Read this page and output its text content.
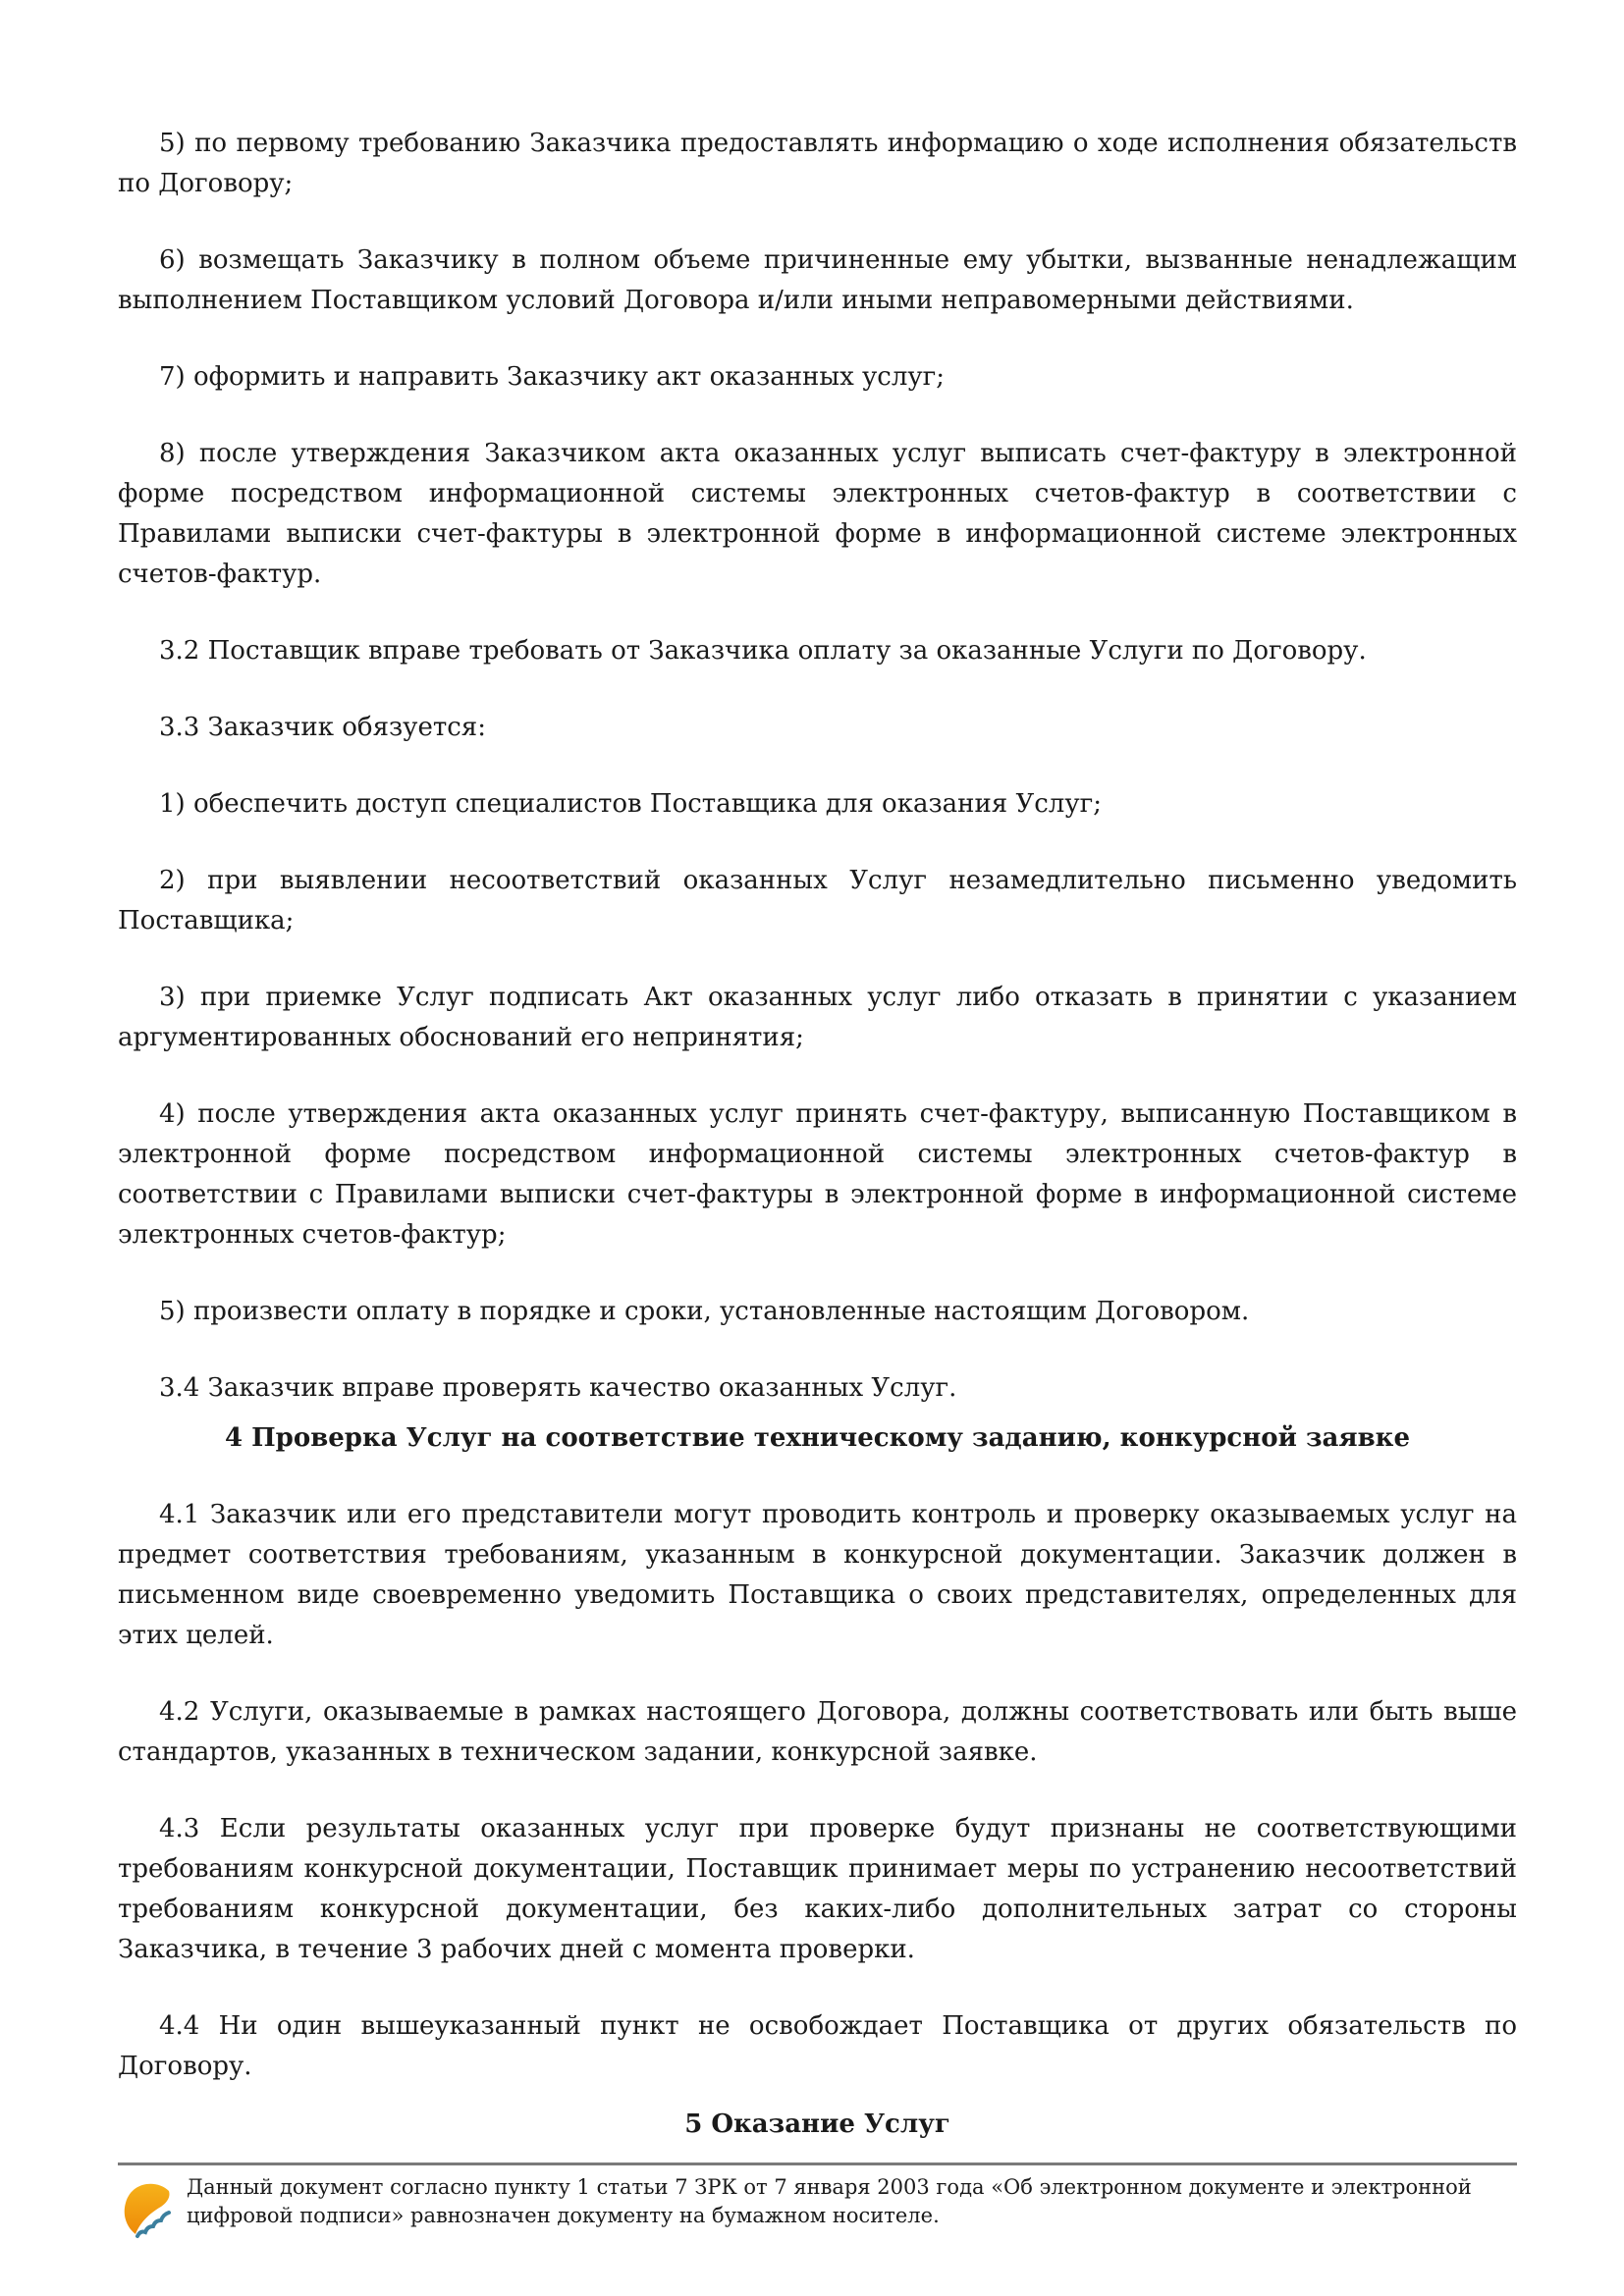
5) по первому требованию Заказчика предоставлять информацию о ходе исполнения обязательств по Договору;

6) возмещать Заказчику в полном объеме причиненные ему убытки, вызванные ненадлежащим выполнением Поставщиком условий Договора и/или иными неправомерными действиями.

7) оформить и направить Заказчику акт оказанных услуг;

8) после утверждения Заказчиком акта оказанных услуг выписать счет-фактуру в электронной форме посредством информационной системы электронных счетов-фактур в соответствии с Правилами выписки счет-фактуры в электронной форме в информационной системе электронных счетов-фактур.

3.2 Поставщик вправе требовать от Заказчика оплату за оказанные Услуги по Договору.

3.3 Заказчик обязуется:

1) обеспечить доступ специалистов Поставщика для оказания Услуг;

2) при выявлении несоответствий оказанных Услуг незамедлительно письменно уведомить Поставщика;

3) при приемке Услуг подписать Акт оказанных услуг либо отказать в принятии с указанием аргументированных обоснований его непринятия;

4) после утверждения акта оказанных услуг принять счет-фактуру, выписанную Поставщиком в электронной форме посредством информационной системы электронных счетов-фактур в соответствии с Правилами выписки счет-фактуры в электронной форме в информационной системе электронных счетов-фактур;

5) произвести оплату в порядке и сроки, установленные настоящим Договором.

3.4 Заказчик вправе проверять качество оказанных Услуг.

4 Проверка Услуг на соответствие техническому заданию, конкурсной заявке

4.1 Заказчик или его представители могут проводить контроль и проверку оказываемых услуг на предмет соответствия требованиям, указанным в конкурсной документации. Заказчик должен в письменном виде своевременно уведомить Поставщика о своих представителях, определенных для этих целей.

4.2 Услуги, оказываемые в рамках настоящего Договора, должны соответствовать или быть выше стандартов, указанных в техническом задании, конкурсной заявке.

4.3 Если результаты оказанных услуг при проверке будут признаны не соответствующими требованиям конкурсной документации, Поставщик принимает меры по устранению несоответствий требованиям конкурсной документации, без каких-либо дополнительных затрат со стороны Заказчика, в течение 3 рабочих дней с момента проверки.

4.4 Ни один вышеуказанный пункт не освобождает Поставщика от других обязательств по Договору.

5 Оказание Услуг
Данный документ согласно пункту 1 статьи 7 ЗРК от 7 января 2003 года «Об электронном документе и электронной цифровой подписи» равнозначен документу на бумажном носителе.
